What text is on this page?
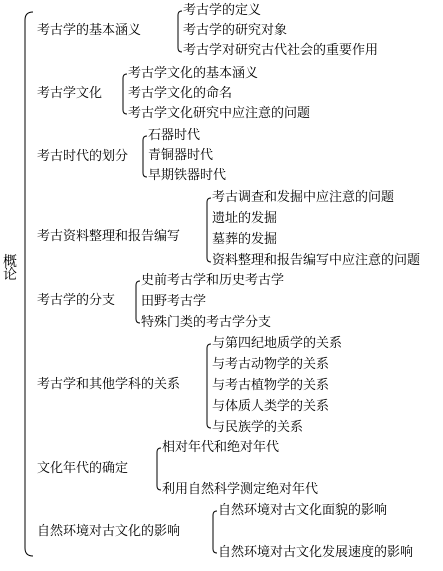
概
论
考古学的基本涵义
考古学的定义
考古学的研究对象
考古学对研究古代社会的重要作用
考古学文化
考古学文化的基本涵义
考古学文化的命名
考古学文化研究中应注意的问题
考古时代的划分
石器时代
青铜器时代
早期铁器时代
考古资料整理和报告编写
考古调查和发掘中应注意的问题
遗址的发掘
墓葬的发掘
资料整理和报告编写中应注意的问题
考古学的分支
史前考古学和历史考古学
田野考古学
特殊门类的考古学分支
考古学和其他学科的关系
与第四纪地质学的关系
与考古动物学的关系
与考古植物学的关系
与体质人类学的关系
与民族学的关系
文化年代的确定
相对年代和绝对年代
利用自然科学测定绝对年代
自然环境对古文化的影响
自然环境对古文化面貌的影响
自然环境对古文化发展速度的影响
